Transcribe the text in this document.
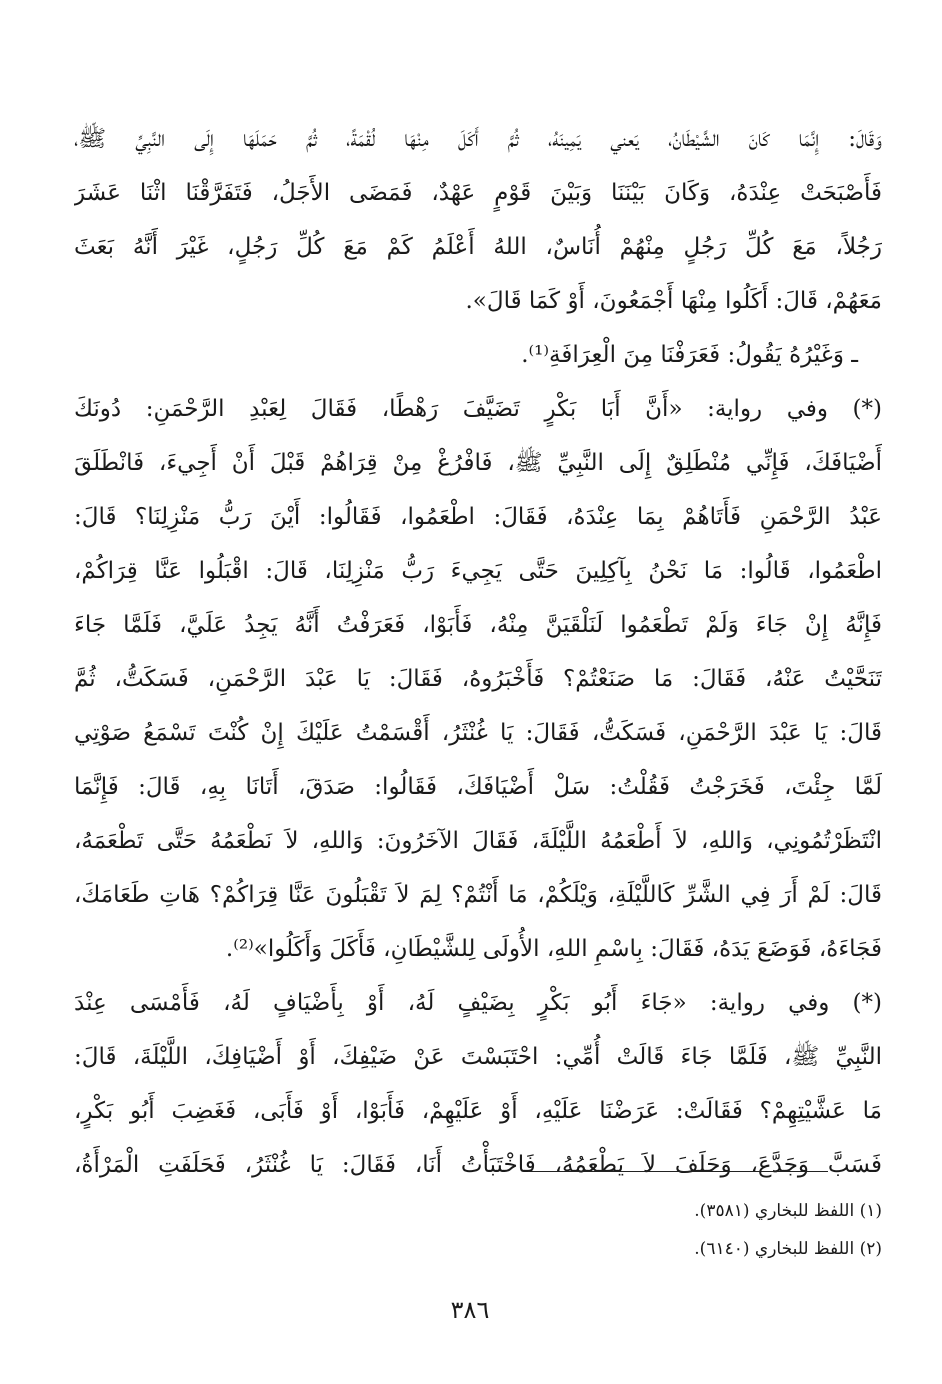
وَقَالَ: إِنَّمَا كَانَ الشَّيْطَانُ، يَعني يَمِينَهُ، ثُمَّ أَكَلَ مِنْهَا لُقْمَةً، ثُمَّ حَمَلَهَا إِلَى النَّبِيِّ ﷺ،
فَأَصْبَحَتْ عِنْدَهُ، وَكَانَ بَيْنَنَا وَبَيْنَ قَوْمٍ عَهْدٌ، فَمَضَى الأَجَلُ، فَتَفَرَّقْنَا اثْنَا عَشَرَ
رَجُلاً، مَعَ كُلِّ رَجُلٍ مِنْهُمْ أُنَاسٌ، اللهُ أَعْلَمُ كَمْ مَعَ كُلِّ رَجُلٍ، غَيْرَ أَنَّهُ بَعَثَ
مَعَهُمْ، قَالَ: أَكَلُوا مِنْهَا أَجْمَعُونَ، أَوْ كَمَا قَالَ».
ـ وَغَيْرُهُ يَقُولُ: فَعَرَفْنَا مِنَ الْعِرَافَةِ⁽¹⁾.
(*) وفي رواية: «أَنَّ أَبَا بَكْرٍ تَضَيَّفَ رَهْطًا، فَقَالَ لِعَبْدِ الرَّحْمَنِ: دُونَكَ
أَضْيَافَكَ، فَإِنِّي مُنْطَلِقٌ إِلَى النَّبِيِّ ﷺ، فَافْرُغْ مِنْ قِرَاهُمْ قَبْلَ أَنْ أَجِيءَ، فَانْطَلَقَ
عَبْدُ الرَّحْمَنِ فَأَتَاهُمْ بِمَا عِنْدَهُ، فَقَالَ: اطْعَمُوا، فَقَالُوا: أَيْنَ رَبُّ مَنْزِلِنَا؟ قَالَ:
اطْعَمُوا، قَالُوا: مَا نَحْنُ بِآكِلِينَ حَتَّى يَجِيءَ رَبُّ مَنْزِلِنَا، قَالَ: اقْبَلُوا عَنَّا قِرَاكُمْ،
فَإِنَّهُ إِنْ جَاءَ وَلَمْ تَطْعَمُوا لَنَلْقَيَنَّ مِنْهُ، فَأَبَوْا، فَعَرَفْتُ أَنَّهُ يَجِدُ عَلَيَّ، فَلَمَّا جَاءَ
تَنَحَّيْتُ عَنْهُ، فَقَالَ: مَا صَنَعْتُمْ؟ فَأَخْبَرُوهُ، فَقَالَ: يَا عَبْدَ الرَّحْمَنِ، فَسَكَتُّ، ثُمَّ
قَالَ: يَا عَبْدَ الرَّحْمَنِ، فَسَكَتُّ، فَقَالَ: يَا غُنْثَرُ، أَقْسَمْتُ عَلَيْكَ إِنْ كُنْتَ تَسْمَعُ صَوْتِي
لَمَّا جِئْتَ، فَخَرَجْتُ فَقُلْتُ: سَلْ أَضْيَافَكَ، فَقَالُوا: صَدَقَ، أَتَانَا بِهِ، قَالَ: فَإِنَّمَا
انْتَظَرْتُمُونِي، وَاللهِ، لاَ أَطْعَمُهُ اللَّيْلَةَ، فَقَالَ الآخَرُونَ: وَاللهِ، لاَ نَطْعَمُهُ حَتَّى تَطْعَمَهُ،
قَالَ: لَمْ أَرَ فِي الشَّرِّ كَاللَّيْلَةِ، وَيْلَكُمْ، مَا أَنْتُمْ؟ لِمَ لاَ تَقْبَلُونَ عَنَّا قِرَاكُمْ؟ هَاتِ طَعَامَكَ،
فَجَاءَهُ، فَوَضَعَ يَدَهُ، فَقَالَ: بِاسْمِ اللهِ، الأُولَى لِلشَّيْطَانِ، فَأَكَلَ وَأَكَلُوا»⁽²⁾.
(*) وفي رواية: «جَاءَ أَبُو بَكْرٍ بِضَيْفٍ لَهُ، أَوْ بِأَضْيَافٍ لَهُ، فَأَمْسَى عِنْدَ
النَّبِيِّ ﷺ، فَلَمَّا جَاءَ قَالَتْ أُمِّي: احْتَبَسْتَ عَنْ ضَيْفِكَ، أَوْ أَضْيَافِكَ، اللَّيْلَةَ، قَالَ:
مَا عَشَّيْتِهِمْ؟ فَقَالَتْ: عَرَضْنَا عَلَيْهِ، أَوْ عَلَيْهِمْ، فَأَبَوْا، أَوْ فَأَبَى، فَغَضِبَ أَبُو بَكْرٍ،
فَسَبَّ وَجَدَّعَ، وَحَلَفَ لاَ يَطْعَمُهُ، فَاخْتَبَأْتُ أَنَا، فَقَالَ: يَا غُنْثَرُ، فَحَلَفَتِ الْمَرْأَةُ،
(١) اللفظ للبخاري (٣٥٨١).
(٢) اللفظ للبخاري (٦١٤٠).
٣٨٦
